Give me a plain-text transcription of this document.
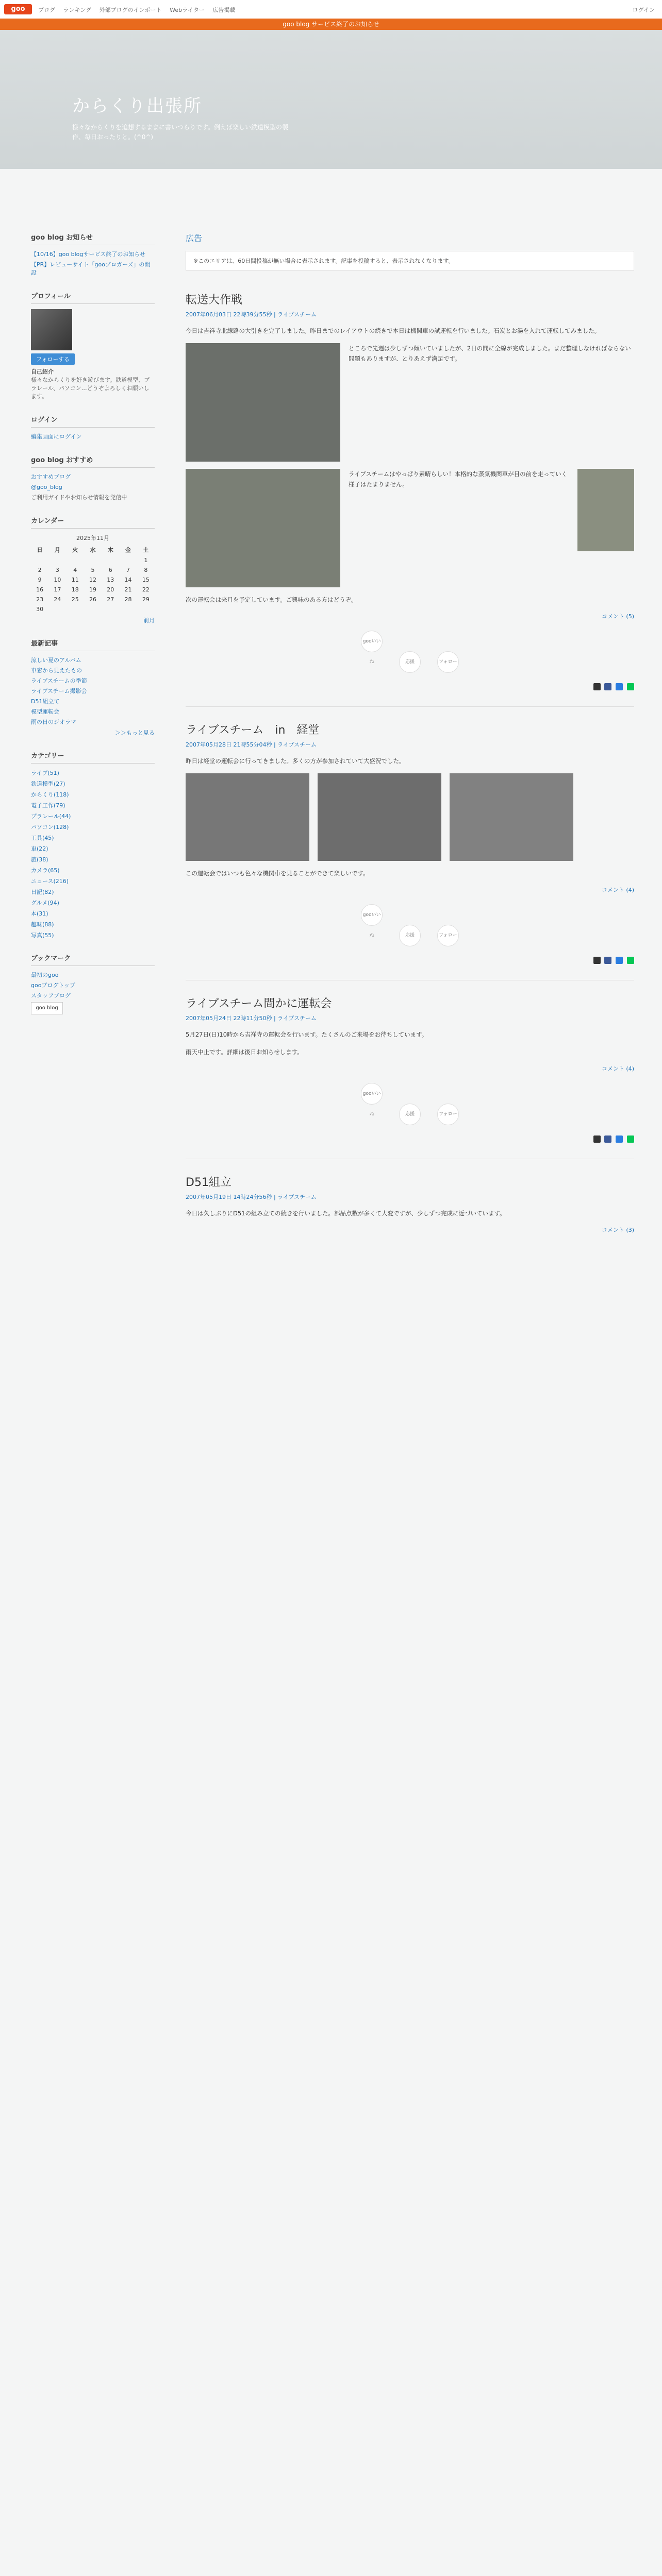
goo	ブログ ランキング 外部ブログのインポート Webライター 広告掲載	ログイン
goo blog サービス終了のお知らせ
からくり出張所
様々なからくりを追想するままに書いつらりです。例えば楽しい鉄道模型の製作、毎日おったりと。(^0^)
goo blog お知らせ
【10/16】goo blogサービス終了のお知らせ
【PR】レビューサイト「gooブロガーズ」の開設
プロフィール
フォローする
自己紹介
様々なからくりを好き遊びます。鉄道模型、プラレール、パソコン…どうぞよろしくお願いします。
ログイン
編集画面にログイン
goo blog おすすめ
おすすめブログ
@goo_blog
ご利用ガイドやお知らせ情報を発信中
カレンダー
2025年11月
日	月	火	水	木	金	土
						1
2	3	4	5	6	7	8
9	10	11	12	13	14	15
16	17	18	19	20	21	22
23	24	25	26	27	28	29
30						
前月
最新記事
涼しい夏のアルバム
車窓から見えたもの
ライブスチームの季節
ライブスチーム撮影会
D51組立て
模型運転会
雨の日のジオラマ
＞＞もっと見る
カテゴリー
ライブ(51)
鉄道模型(27)
からくり(118)
電子工作(79)
プラレール(44)
パソコン(128)
工具(45)
車(22)
旅(38)
カメラ(65)
ニュース(216)
日記(82)
グルメ(94)
本(31)
趣味(88)
写真(55)
ブックマーク
最初のgoo
gooブログトップ
スタッフブログ
goo blog
広告
※このエリアは、60日間投稿が無い場合に表示されます。記事を投稿すると、表示されなくなります。
転送大作戦
2007年06月03日 22時39分55秒 | ライブスチーム

今日は吉祥寺北線路の大引きを完了しました。昨日までのレイアウトの続きで本日は機関車の試運転を行いました。石炭とお湯を入れて運転してみました。

ところで先週は少しずつ傾いていましたが、2日の間に全線が完成しました。まだ整理しなければならない問題もありますが、とりあえず満足です。

ライブスチームはやっぱり素晴らしい！本格的な蒸気機関車が目の前を走っていく様子はたまりません。

次の運転会は来月を予定しています。ご興味のある方はどうぞ。

コメント (5)
gooいいね	応援	フォロー

ライブスチーム　in　経堂
2007年05月28日 21時55分04秒 | ライブスチーム

昨日は経堂の運転会に行ってきました。多くの方が参加されていて大盛況でした。

この運転会ではいつも色々な機関車を見ることができて楽しいです。

コメント (4)
gooいいね	応援	フォロー

ライブスチーム間かに運転会
2007年05月24日 22時11分50秒 | ライブスチーム

5月27日(日)10時から吉祥寺の運転会を行います。たくさんのご来場をお待ちしています。

雨天中止です。詳細は後日お知らせします。

コメント (4)
gooいいね	応援	フォロー

D51組立
2007年05月19日 14時24分56秒 | ライブスチーム

今日は久しぶりにD51の組み立ての続きを行いました。部品点数が多くて大変ですが、少しずつ完成に近づいています。

コメント (3)
